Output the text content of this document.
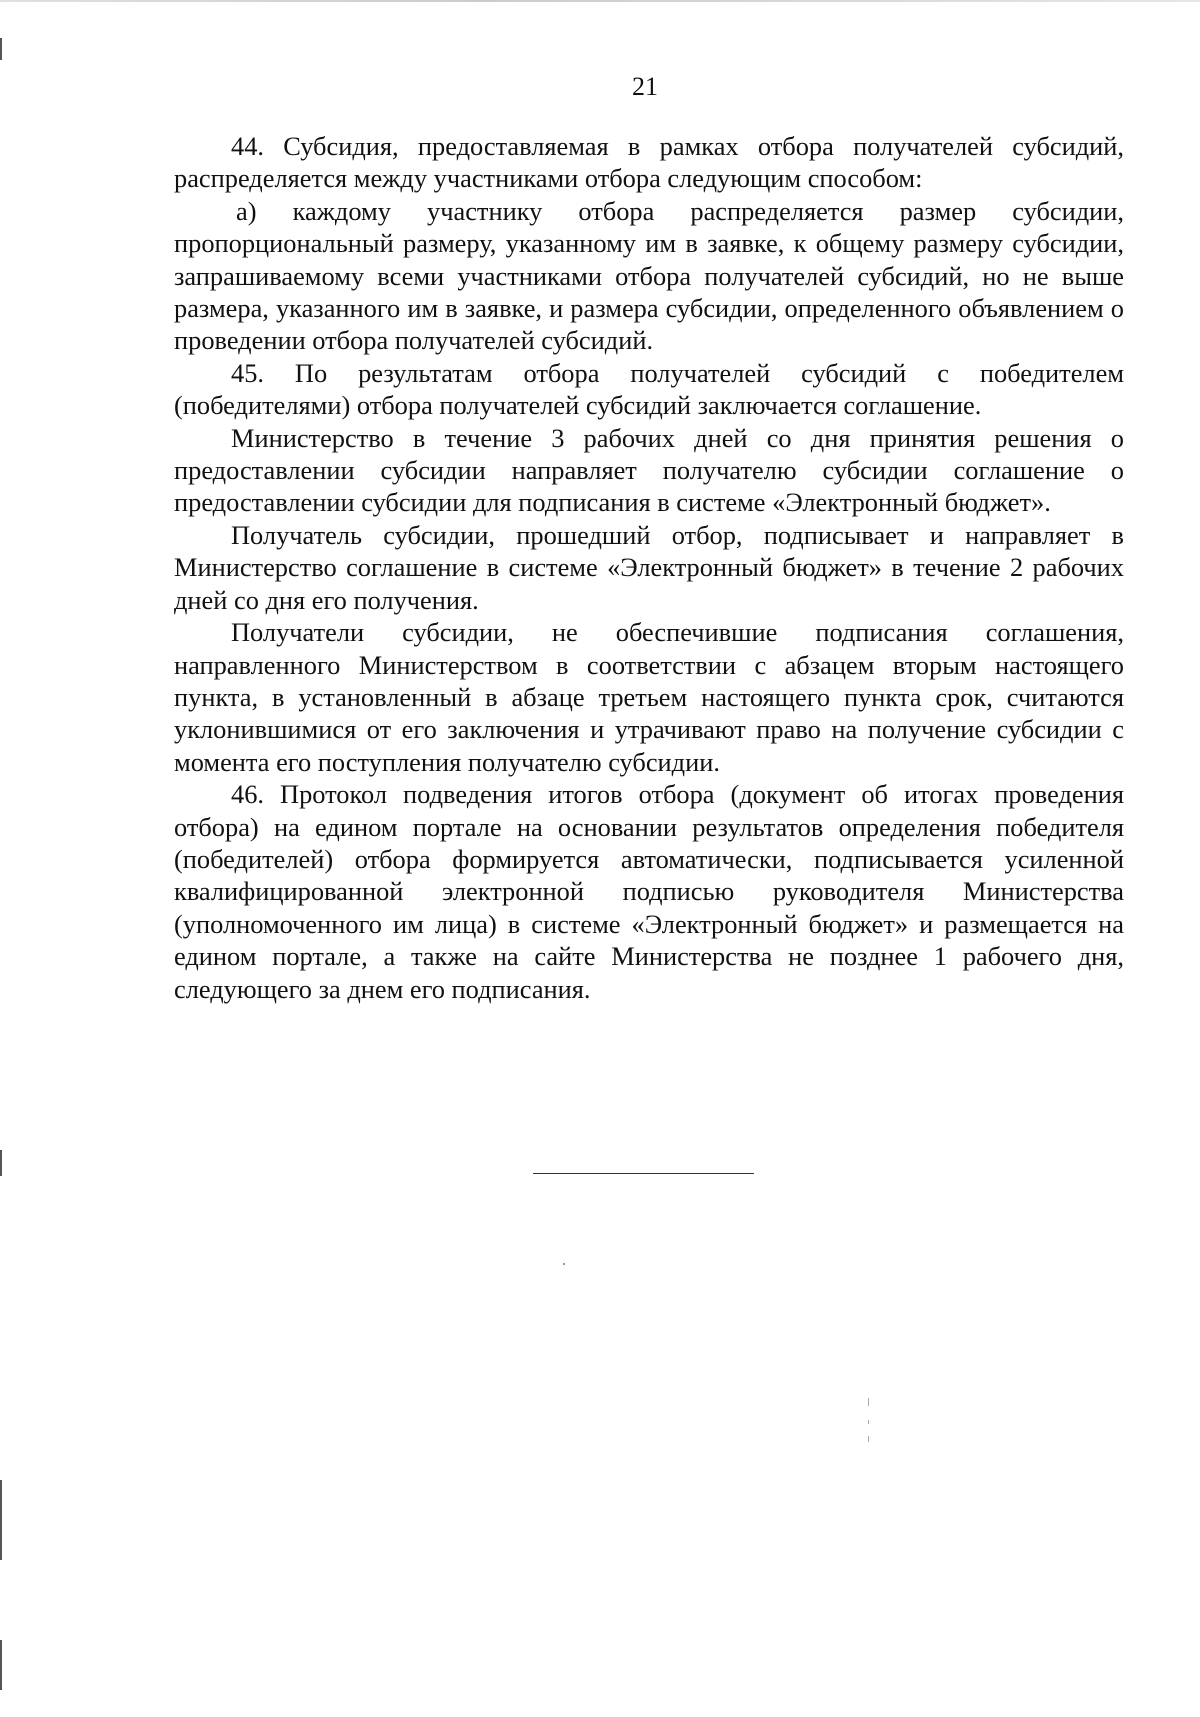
21

44. Субсидия, предоставляемая в рамках отбора получателей субсидий, распределяется между участниками отбора следующим способом:

а) каждому участнику отбора распределяется размер субсидии, пропорциональный размеру, указанному им в заявке, к общему размеру субсидии, запрашиваемому всеми участниками отбора получателей субсидий, но не выше размера, указанного им в заявке, и размера субсидии, определенного объявлением о проведении отбора получателей субсидий.

45. По результатам отбора получателей субсидий с победителем (победителями) отбора получателей субсидий заключается соглашение.

Министерство в течение 3 рабочих дней со дня принятия решения о предоставлении субсидии направляет получателю субсидии соглашение о предоставлении субсидии для подписания в системе «Электронный бюджет».

Получатель субсидии, прошедший отбор, подписывает и направляет в Министерство соглашение в системе «Электронный бюджет» в течение 2 рабочих дней со дня его получения.

Получатели субсидии, не обеспечившие подписания соглашения, направленного Министерством в соответствии с абзацем вторым настоящего пункта, в установленный в абзаце третьем настоящего пункта срок, считаются уклонившимися от его заключения и утрачивают право на получение субсидии с момента его поступления получателю субсидии.

46. Протокол подведения итогов отбора (документ об итогах проведения отбора) на едином портале на основании результатов определения победителя (победителей) отбора формируется автоматически, подписывается усиленной квалифицированной электронной подписью руководителя Министерства (уполномоченного им лица) в системе «Электронный бюджет» и размещается на едином портале, а также на сайте Министерства не позднее 1 рабочего дня, следующего за днем его подписания.
